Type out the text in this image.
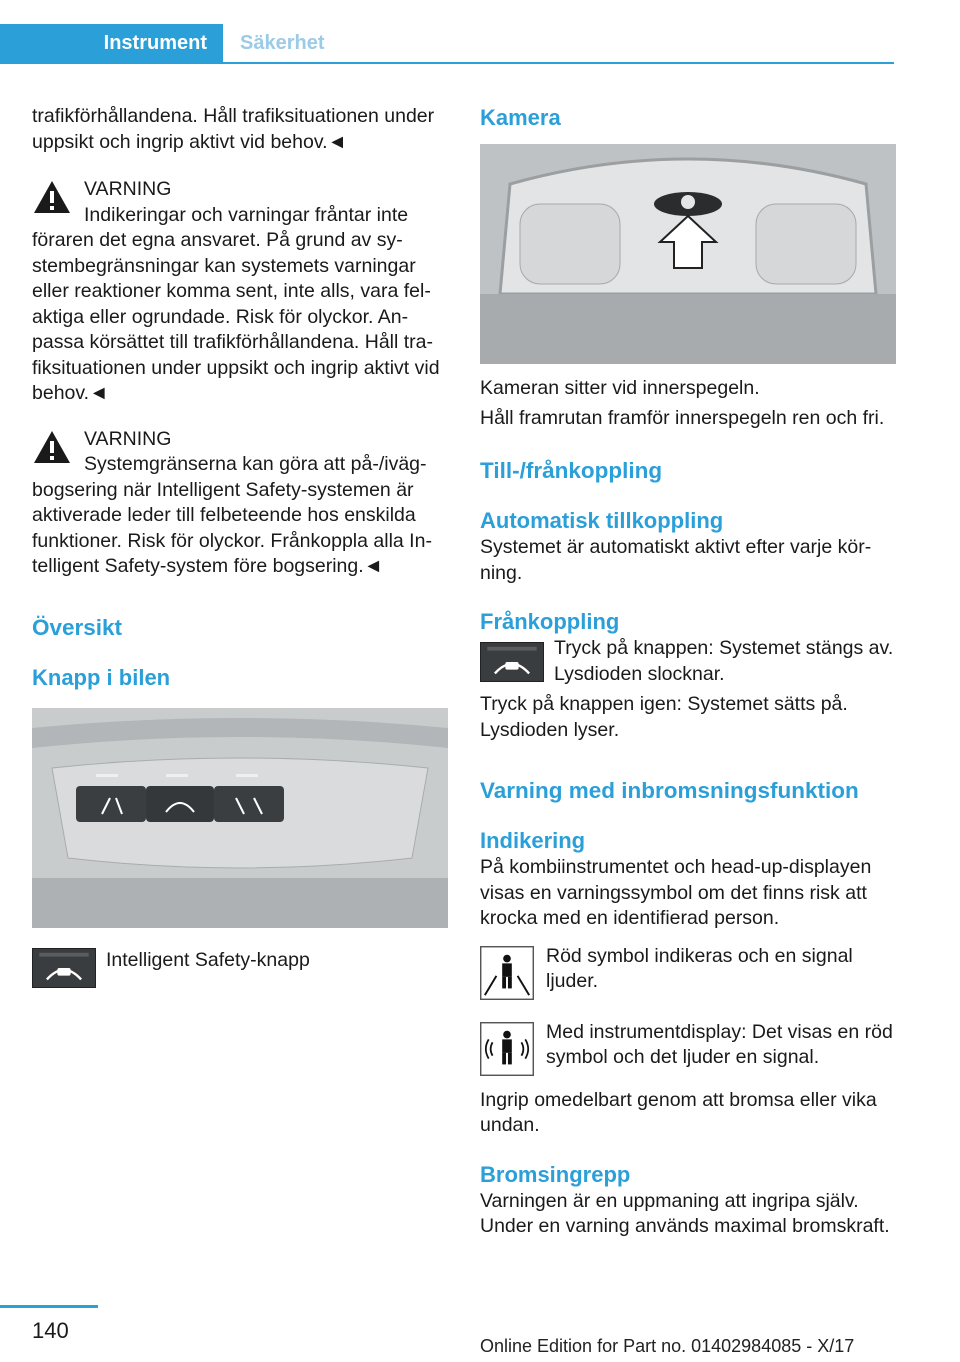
Instrument	Säkerhet

trafikförhållandena. Håll trafiksituationen under uppsikt och ingrip aktivt vid behov.◄

VARNING
Indikeringar och varningar fråntar inte

föraren det egna ansvaret. På grund av systembegränsningar kan systemets varningar eller reaktioner komma sent, inte alls, vara felaktiga eller ogrundade. Risk för olyckor. Anpassa körsättet till trafikförhållandena. Håll trafiksituationen under uppsikt och ingrip aktivt vid behov.◄

VARNING
Systemgränserna kan göra att på-/iväg-

bogsering när Intelligent Safety-systemen är aktiverade leder till felbeteende hos enskilda funktioner. Risk för olyckor. Frånkoppla alla Intelligent Safety-system före bogsering.◄

Översikt
Knapp i bilen
Intelligent Safety-knapp
Kamera

Kameran sitter vid innerspegeln.

Håll framrutan framför innerspegeln ren och fri.

Till-/frånkoppling
Automatisk tillkoppling

Systemet är automatiskt aktivt efter varje körning.

Frånkoppling

Tryck på knappen: Systemet stängs av. Lysdioden slocknar.

Tryck på knappen igen: Systemet sätts på. Lysdioden lyser.

Varning med inbromsningsfunktion
Indikering

På kombiinstrumentet och head-up-displayen visas en varningssymbol om det finns risk att krocka med en identifierad person.

Röd symbol indikeras och en signal ljuder.

Med instrumentdisplay: Det visas en röd symbol och det ljuder en signal.

Ingrip omedelbart genom att bromsa eller vika undan.

Bromsingrepp

Varningen är en uppmaning att ingripa själv. Under en varning används maximal bromskraft.

140
Online Edition for Part no. 01402984085 - X/17
